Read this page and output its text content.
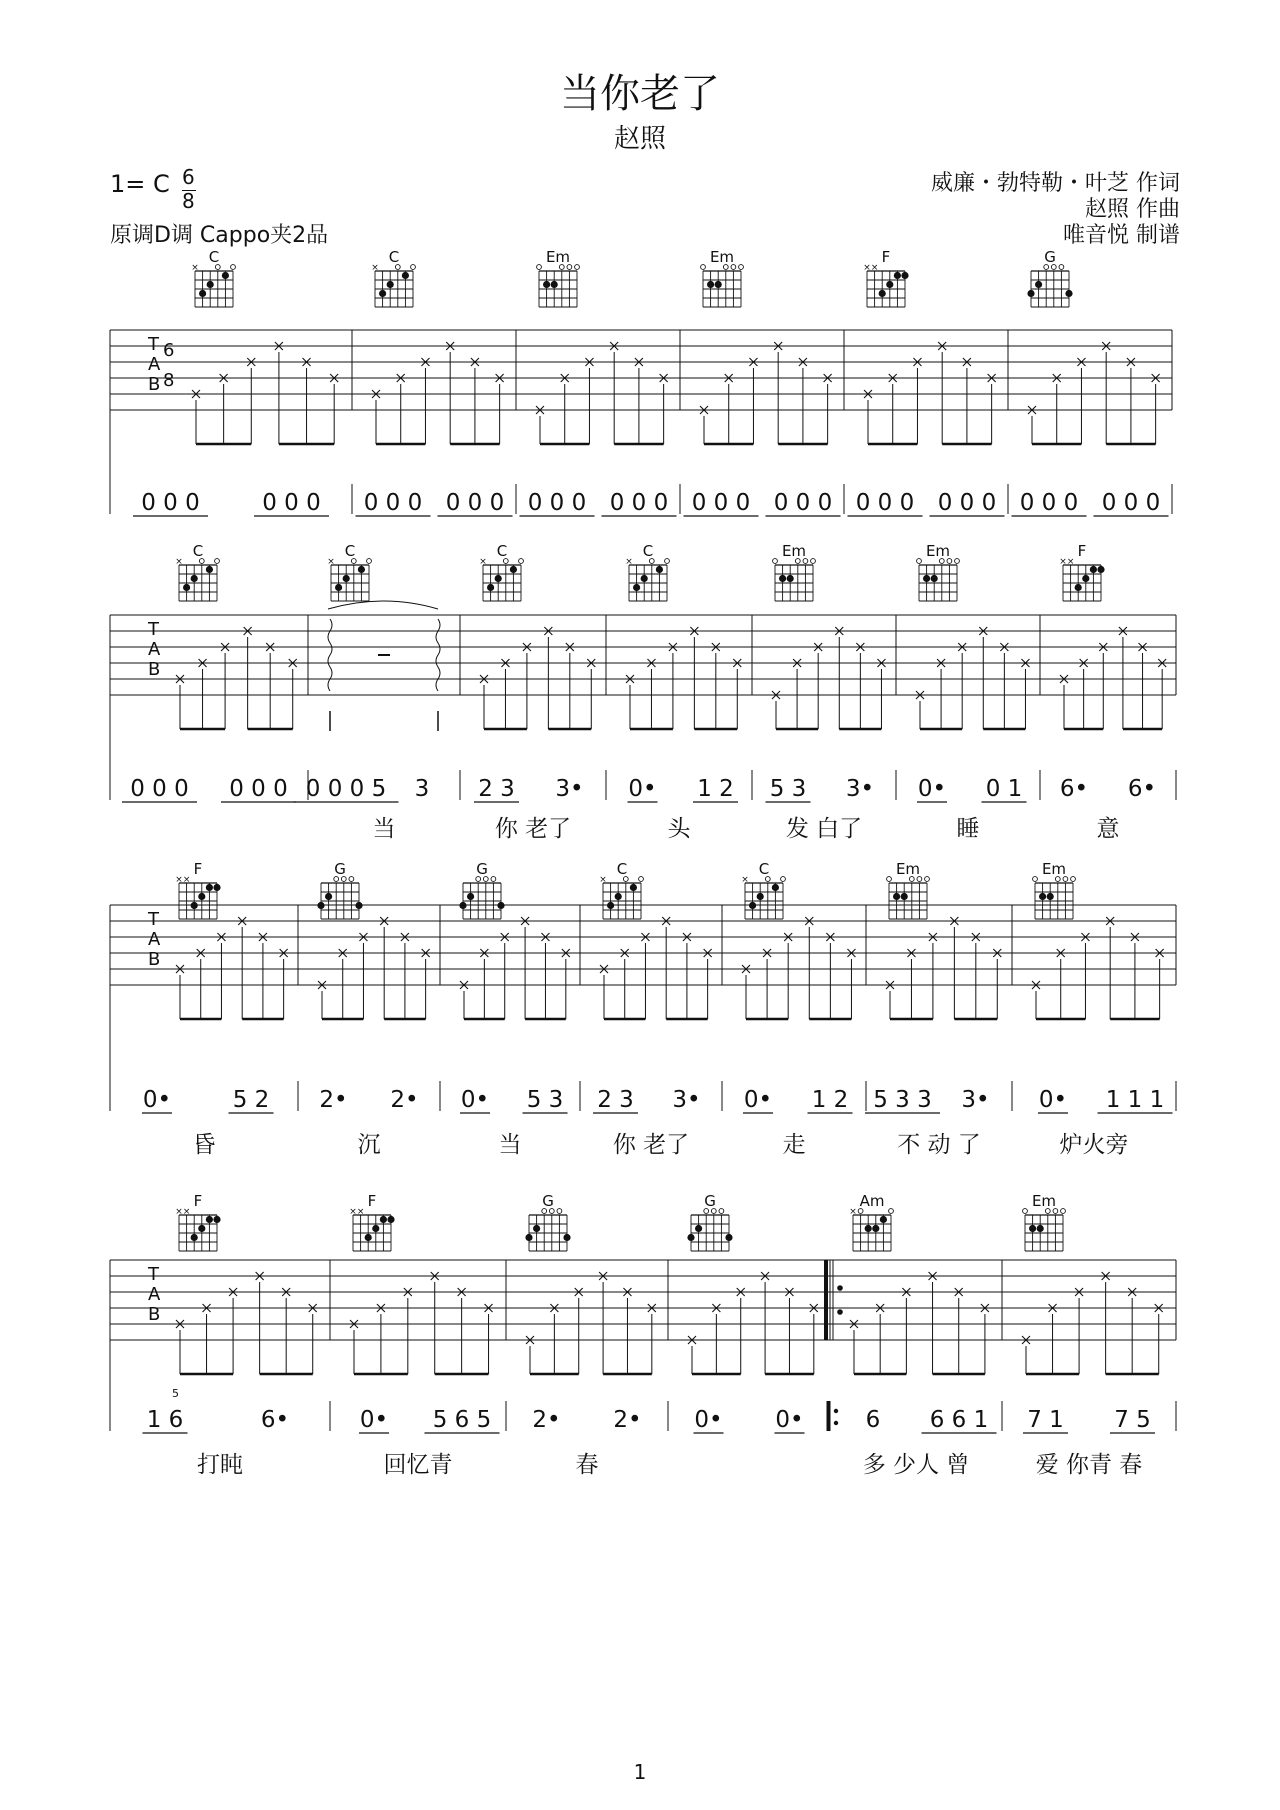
当你老了
赵照
1= C 6
8
原调D调 Cappo夹2品
威廉・勃特勒・叶芝 作词
赵照 作曲
唯音悦 制谱
T
A
B
6
8
C
×
0 0 0	0 0 0
C
×
0 0 0 0 0 0
Em
0 0 0 0 0 0
Em
0 0 0 0 0 0
F
× ×
0 0 0 0 0 0
G
0 0 0 0 0 0
T
A
B
C
×
0 0 0 0 0 0
C
×
0 0 0 5 3
当
C
×
2 3 3•
你 老了
C
×
0• 1 2
头
Em
5 3 3•
发 白了
Em
0• 0 1
睡
F
× ×
6• 6•
意
T
A
B
F
× ×
0•	5 2
昏
G
2• 2•
沉
G
0• 5 3
当
C
×
2 3 3•
你 老了
C
×
0• 1 2
走
Em
5 3 3 3•
不 动 了
Em
0• 1 1 1
炉火旁
T
A
B
F
× ×
1 6	6•
打盹
F
× ×
0• 5 6 5
回忆青
G
2• 2•
春
G
0• 0•
Am
×
6 6 6 1
多 少人 曾
Em
7 1 7 5
爱 你青 春
5
1
